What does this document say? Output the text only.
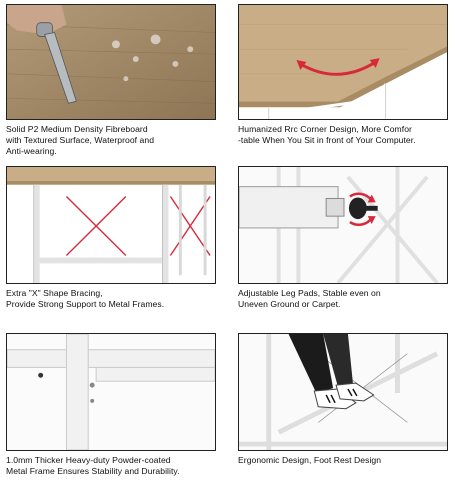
Solid P2 Medium Density Fibreboard
with Textured Surface, Waterproof and
Anti-wearing.
Humanized Rrc Corner Design, More Comfor
-table When You Sit in front of Your Computer.
Extra "X" Shape Bracing,
Provide Strong Support to Metal Frames.
Adjustable Leg Pads, Stable even on
Uneven Ground or Carpet.
1.0mm Thicker Heavy-duty Powder-coated
Metal Frame Ensures Stability and Durability.
Ergonomic Design, Foot Rest Design
